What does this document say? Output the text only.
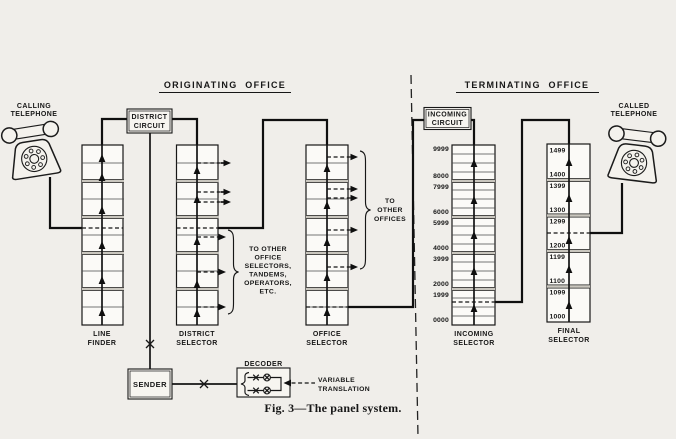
ORIGINATING OFFICE	TERMINATING OFFICE
CALLING
TELEPHONE	DISTRICT
CIRCUIT
LINE
FINDER
DISTRICT
SELECTOR
TO OTHER
OFFICE
SELECTORS,
TANDEMS,
OPERATORS,
ETC.
OFFICE
SELECTOR
TO
OTHER
OFFICES
INCOMING
CIRCUIT
9999
8000
7999
6000
5999
4000
3999
2000
1999
0000
INCOMING
SELECTOR
1499
1400
1399
1300
1299
1200
1199
1100
1099
1000
FINAL
SELECTOR
CALLED
TELEPHONE
SENDER
DECODER
VARIABLE
TRANSLATION
Fig. 3—The panel system.
